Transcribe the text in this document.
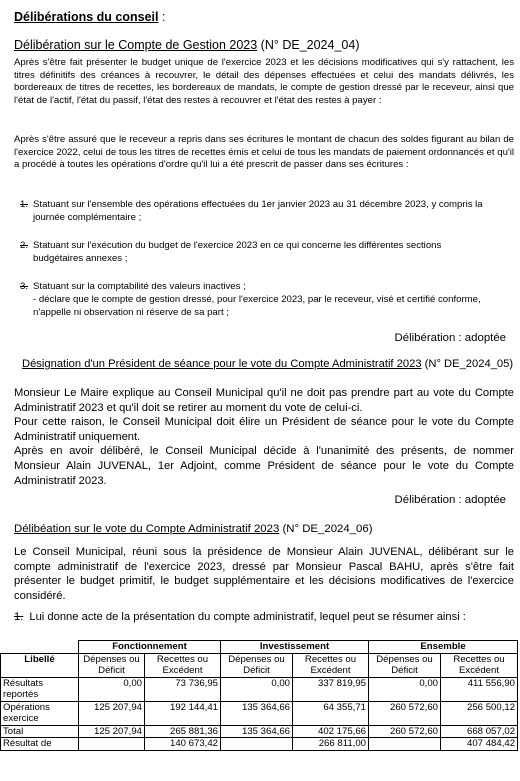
Délibérations du conseil :
Délibération sur le Compte de Gestion 2023 (N° DE_2024_04)
Après s'être fait présenter le budget unique de l'exercice 2023 et les décisions modificatives qui s'y rattachent, les titres définitifs des créances à recouvrer, le détail des dépenses effectuées et celui des mandats délivrés, les bordereaux de titres de recettes, les bordereaux de mandats, le compte de gestion dressé par le receveur, ainsi que l'état de l'actif, l'état du passif, l'état des restes à recouvrer et l'état des restes à payer :
Après s'être assuré que le receveur a repris dans ses écritures le montant de chacun des soldes figurant au bilan de l'exercice 2022, celui de tous les titres de recettes émis et celui de tous les mandats de paiement ordonnancés et qu'il a procédé à toutes les opérations d'ordre qu'il lui a été prescrit de passer dans ses écritures :
1. Statuant sur l'ensemble des opérations effectuées du 1er janvier 2023 au 31 décembre 2023, y compris la journée complémentaire ;
2. Statuant sur l'exécution du budget de l'exercice 2023 en ce qui concerne les différentes sections budgétaires annexes ;
3. Statuant sur la comptabilité des valeurs inactives ;
- déclare que le compte de gestion dressé, pour l'exercice 2023, par le receveur, visé et certifié conforme, n'appelle ni observation ni réserve de sa part ;
Délibération : adoptée
Désignation d'un Président de séance pour le vote du Compte Administratif 2023 (N° DE_2024_05)
Monsieur Le Maire explique au Conseil Municipal qu'il ne doit pas prendre part au vote du Compte Administratif 2023 et qu'il doit se retirer au moment du vote de celui-ci.
Pour cette raison, le Conseil Municipal doit élire un Président de séance pour le vote du Compte Administratif uniquement.
Après en avoir délibéré, le Conseil Municipal décide à l'unanimité des présents, de nommer Monsieur Alain JUVENAL, 1er Adjoint, comme Président de séance pour le vote du Compte Administratif 2023.
Délibération : adoptée
Délibéation sur le vote du Compte Administratif 2023 (N° DE_2024_06)
Le Conseil Municipal, réuni sous la présidence de Monsieur Alain JUVENAL, délibérant sur le compte administratif de l'exercice 2023, dressé par Monsieur Pascal BAHU, après s'être fait présenter le budget primitif, le budget supplémentaire et les décisions modificatives de l'exercice considéré.
1. Lui donne acte de la présentation du compte administratif, lequel peut se résumer ainsi :
	Fonctionnement		Investissement		Ensemble	
Libellé	Dépenses ou Déficit	Recettes ou Excédent	Dépenses ou Déficit	Recettes ou Excédent	Dépenses ou Déficit	Recettes ou Excédent
Résultats reportés	0,00	73 736,95	0,00	337 819,95	0,00	411 556,90
Opérations exercice	125 207,94	192 144,41	135 364,66	64 355,71	260 572,60	256 500,12
Total	125 207,94	265 881,36	135 364,66	402 175,66	260 572,60	668 057,02
Résultat de		140 673,42		266 811,00		407 484,42
